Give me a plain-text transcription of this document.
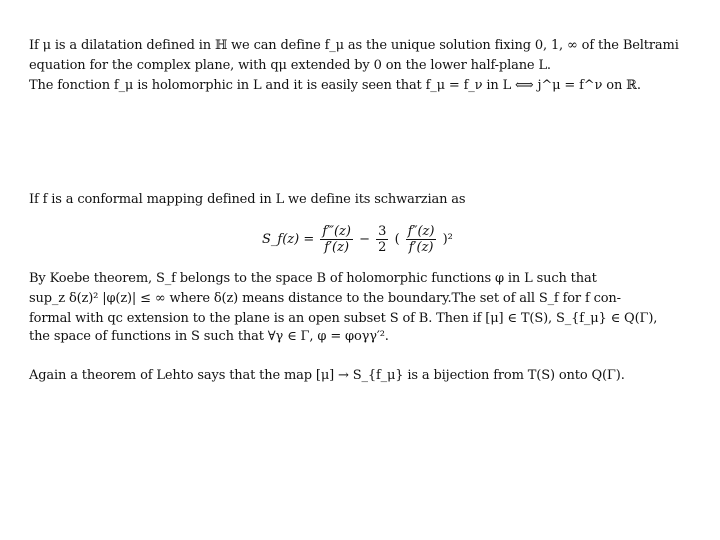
If μ is a dilatation defined in ℍ we can define f_μ as the unique solution fixing 0, 1, ∞ of the Beltrami
equation for the complex plane, with qμ extended by 0 on the lower half-plane L.
The fonction f_μ is holomorphic in L and it is easily seen that f_μ = f_ν in L ⟺ j^μ = f^ν on ℝ.
If f is a conformal mapping defined in L we define its schwarzian as
S_f(z) = $\frac{f‴(z)}{f'(z)} - \frac{3}{2}$ ( $\frac{f''(z)}{f'(z)} )^2$
By Koebe theorem, S_f belongs to the space B of holomorphic functions φ in L such that
sup_z δ(z)² |φ(z)| ≤ ∞ where δ(z) means distance to the boundary.The set of all S_f for f con-
formal with qc extension to the plane is an open subset S of B. Then if [μ] ∈ T(S), S_{f_μ} ∈ Q(Γ),
the space of functions in S such that ∀γ ∈ Γ, φ = φoγγ′².
Again a theorem of Lehto says that the map [μ] → S_{f_μ} is a bijection from T(S) onto Q(Γ).
